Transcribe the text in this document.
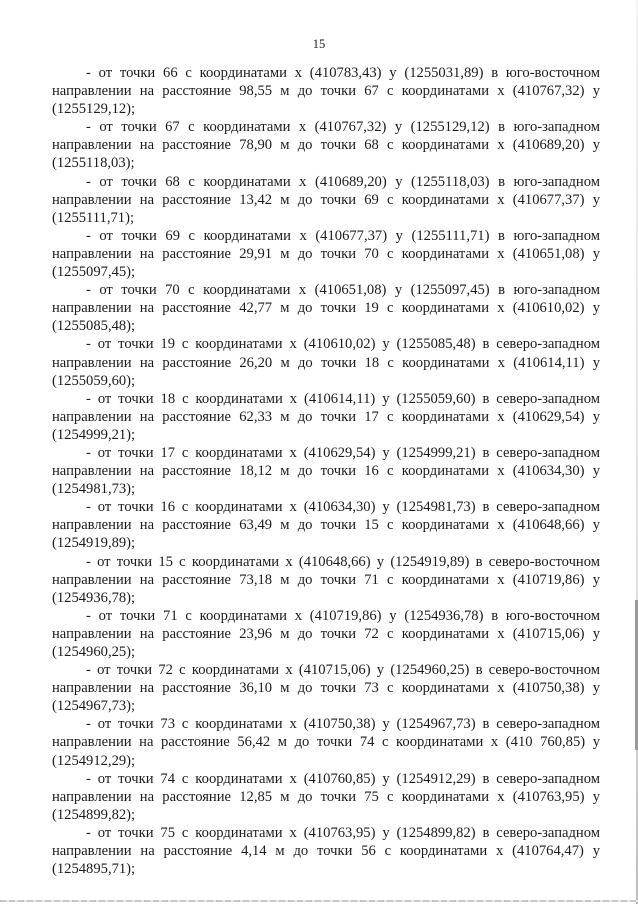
15

- от точки 66 с координатами х (410783,43) у (1255031,89) в юго-восточном направлении на расстояние 98,55 м до точки 67 с координатами х (410767,32) у (1255129,12);

- от точки 67 с координатами х (410767,32) у (1255129,12) в юго-западном направлении на расстояние 78,90 м до точки 68 с координатами х (410689,20) у (1255118,03);

- от точки 68 с координатами х (410689,20) у (1255118,03) в юго-западном направлении на расстояние 13,42 м до точки 69 с координатами х (410677,37) у (1255111,71);

- от точки 69 с координатами х (410677,37) у (1255111,71) в юго-западном направлении на расстояние 29,91 м до точки 70 с координатами х (410651,08) у (1255097,45);

- от точки 70 с координатами х (410651,08) у (1255097,45) в юго-западном направлении на расстояние 42,77 м до точки 19 с координатами х (410610,02) у (1255085,48);

- от точки 19 с координатами х (410610,02) у (1255085,48) в северо-западном направлении на расстояние 26,20 м до точки 18 с координатами х (410614,11) у (1255059,60);

- от точки 18 с координатами х (410614,11) у (1255059,60) в северо-западном направлении на расстояние 62,33 м до точки 17 с координатами х (410629,54) у (1254999,21);

- от точки 17 с координатами х (410629,54) у (1254999,21) в северо-западном направлении на расстояние 18,12 м до точки 16 с координатами х (410634,30) у (1254981,73);

- от точки 16 с координатами х (410634,30) у (1254981,73) в северо-западном направлении на расстояние 63,49 м до точки 15 с координатами х (410648,66) у (1254919,89);

- от точки 15 с координатами х (410648,66) у (1254919,89) в северо-восточном направлении на расстояние 73,18 м до точки 71 с координатами х (410719,86) у (1254936,78);

- от точки 71 с координатами х (410719,86) у (1254936,78) в юго-восточном направлении на расстояние 23,96 м до точки 72 с координатами х (410715,06) у (1254960,25);

- от точки 72 с координатами х (410715,06) у (1254960,25) в северо-восточном направлении на расстояние 36,10 м до точки 73 с координатами х (410750,38) у (1254967,73);

- от точки 73 с координатами х (410750,38) у (1254967,73) в северо-западном направлении на расстояние 56,42 м до точки 74 с координатами х (410 760,85) у (1254912,29);

- от точки 74 с координатами х (410760,85) у (1254912,29) в северо-западном направлении на расстояние 12,85 м до точки 75 с координатами х (410763,95) у (1254899,82);

- от точки 75 с координатами х (410763,95) у (1254899,82) в северо-западном направлении на расстояние 4,14 м до точки 56 с координатами х (410764,47) у (1254895,71);
